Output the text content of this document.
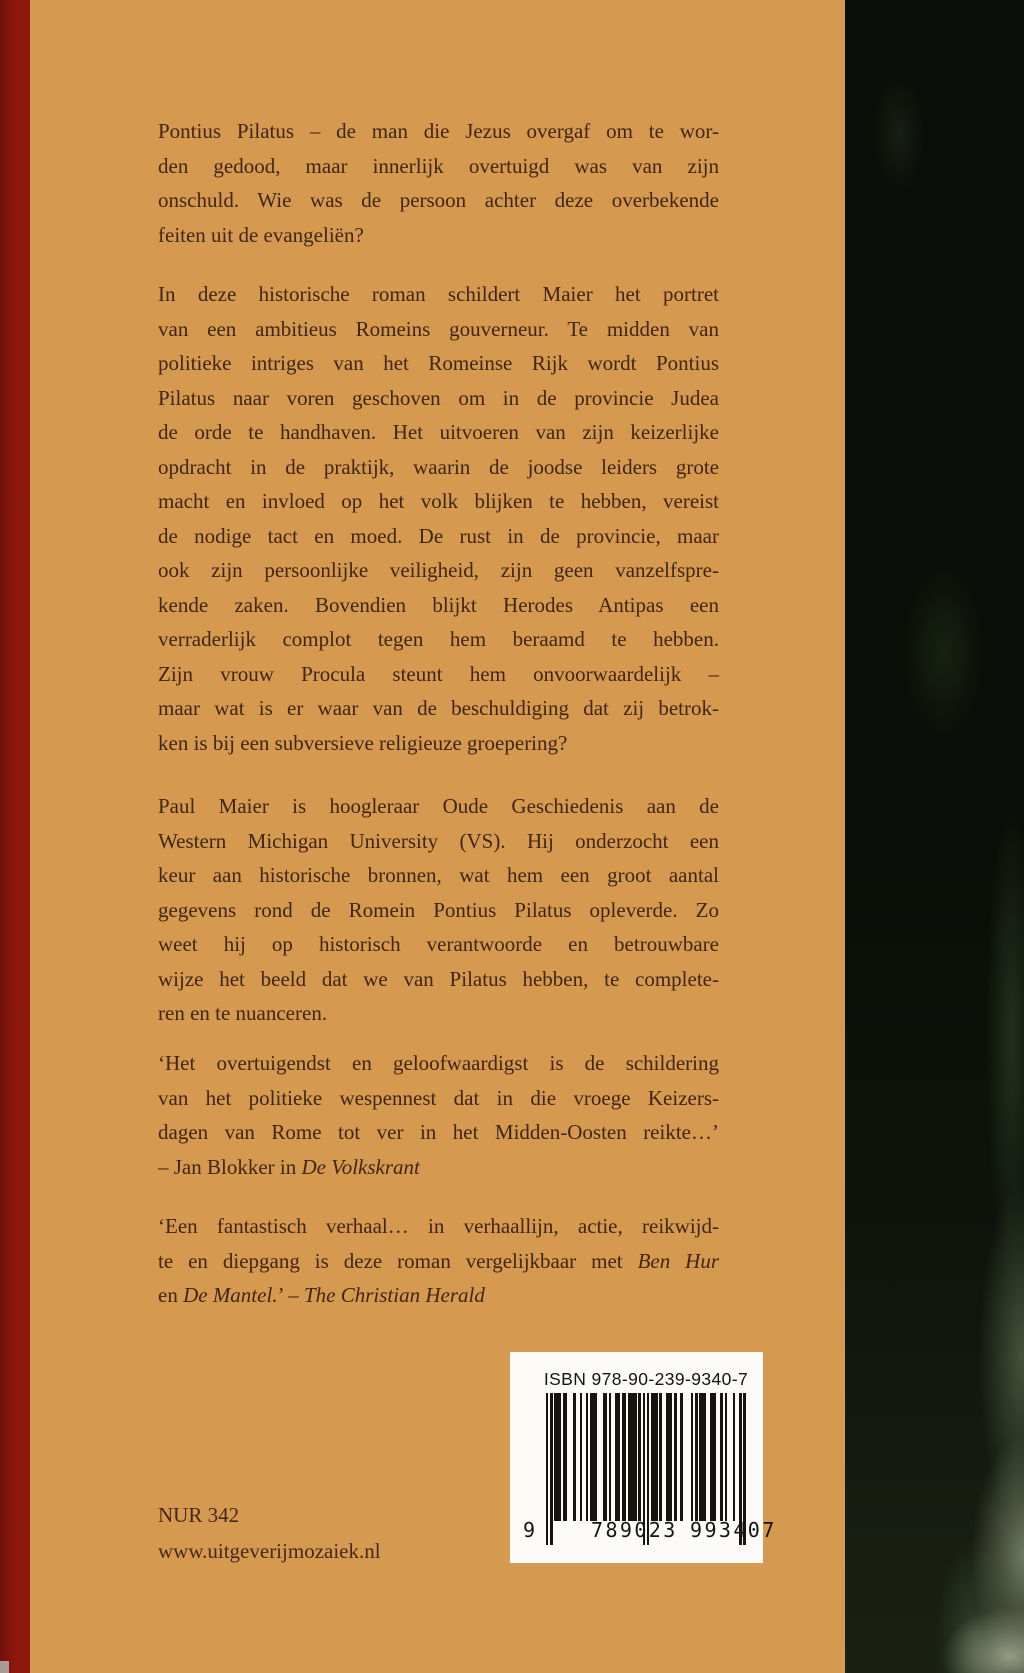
Pontius Pilatus – de man die Jezus overgaf om te wor-
den gedood, maar innerlijk overtuigd was van zijn
onschuld. Wie was de persoon achter deze overbekende
feiten uit de evangeliën?
In deze historische roman schildert Maier het portret
van een ambitieus Romeins gouverneur. Te midden van
politieke intriges van het Romeinse Rijk wordt Pontius
Pilatus naar voren geschoven om in de provincie Judea
de orde te handhaven. Het uitvoeren van zijn keizerlijke
opdracht in de praktijk, waarin de joodse leiders grote
macht en invloed op het volk blijken te hebben, vereist
de nodige tact en moed. De rust in de provincie, maar
ook zijn persoonlijke veiligheid, zijn geen vanzelfspre-
kende zaken. Bovendien blijkt Herodes Antipas een
verraderlijk complot tegen hem beraamd te hebben.
Zijn vrouw Procula steunt hem onvoorwaardelijk –
maar wat is er waar van de beschuldiging dat zij betrok-
ken is bij een subversieve religieuze groepering?
Paul Maier is hoogleraar Oude Geschiedenis aan de
Western Michigan University (VS). Hij onderzocht een
keur aan historische bronnen, wat hem een groot aantal
gegevens rond de Romein Pontius Pilatus opleverde. Zo
weet hij op historisch verantwoorde en betrouwbare
wijze het beeld dat we van Pilatus hebben, te complete-
ren en te nuanceren.
‘Het overtuigendst en geloofwaardigst is de schildering
van het politieke wespennest dat in die vroege Keizers-
dagen van Rome tot ver in het Midden-Oosten reikte…’
– Jan Blokker in De Volkskrant
‘Een fantastisch verhaal… in verhaallijn, actie, reikwijd-
te en diepgang is deze roman vergelijkbaar met Ben Hur
en De Mantel.’ – The Christian Herald
ISBN 978-90-239-9340-7
9	789023 993407
NUR 342
www.uitgeverijmozaiek.nl
